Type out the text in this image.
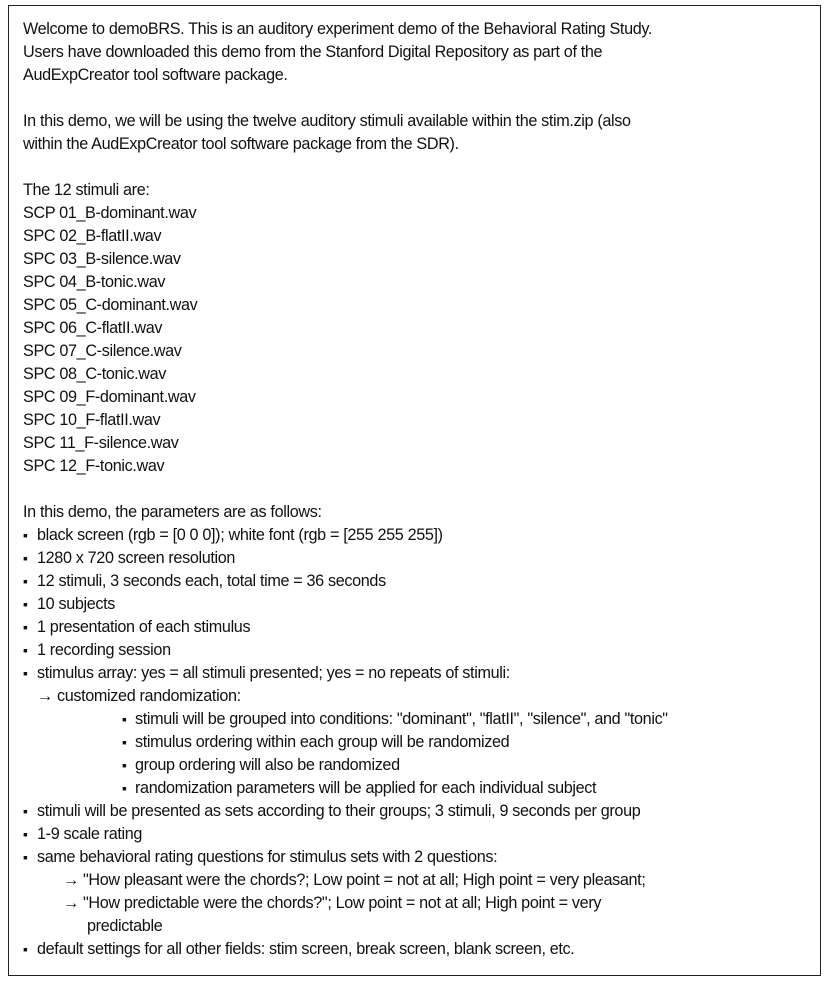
Welcome to demoBRS. This is an auditory experiment demo of the Behavioral Rating Study.

Users have downloaded this demo from the Stanford Digital Repository as part of the

AudExpCreator tool software package.

In this demo, we will be using the twelve auditory stimuli available within the stim.zip (also

within the AudExpCreator tool software package from the SDR).

The 12 stimuli are:

SCP 01_B-dominant.wav

SPC 02_B-flatII.wav

SPC 03_B-silence.wav

SPC 04_B-tonic.wav

SPC 05_C-dominant.wav

SPC 06_C-flatII.wav

SPC 07_C-silence.wav

SPC 08_C-tonic.wav

SPC 09_F-dominant.wav

SPC 10_F-flatII.wav

SPC 11_F-silence.wav

SPC 12_F-tonic.wav

In this demo, the parameters are as follows:

▪ black screen (rgb = [0 0 0]); white font (rgb = [255 255 255])

▪ 1280 x 720 screen resolution

▪ 12 stimuli, 3 seconds each, total time = 36 seconds

▪ 10 subjects

▪ 1 presentation of each stimulus

▪ 1 recording session

▪ stimulus array: yes = all stimuli presented; yes = no repeats of stimuli:

→ customized randomization:

▪ stimuli will be grouped into conditions: "dominant", "flatII", "silence", and "tonic"

▪ stimulus ordering within each group will be randomized

▪ group ordering will also be randomized

▪ randomization parameters will be applied for each individual subject

▪ stimuli will be presented as sets according to their groups; 3 stimuli, 9 seconds per group

▪ 1-9 scale rating

▪ same behavioral rating questions for stimulus sets with 2 questions:

→ "How pleasant were the chords?; Low point = not at all; High point = very pleasant;

→ "How predictable were the chords?"; Low point = not at all; High point = very

predictable

▪ default settings for all other fields: stim screen, break screen, blank screen, etc.
